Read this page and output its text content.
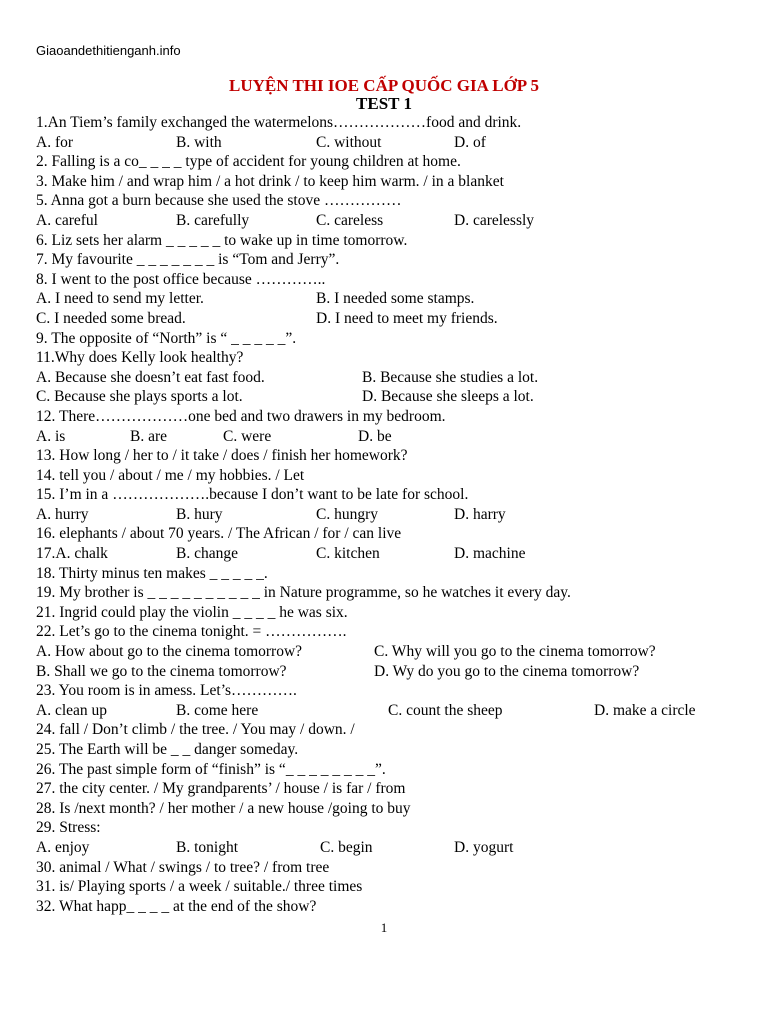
Giaoandethitienganh.info
LUYỆN THI IOE CẤP QUỐC GIA LỚP 5
TEST 1
1.An Tiem’s family exchanged the watermelons………………food and drink.
A. for	B. with	C. without	D. of
2. Falling is a co_ _ _ _ type of accident for young children at home.
3. Make him / and wrap him / a hot drink / to keep him warm. / in a blanket
5. Anna got a burn because she used the stove ……………
A. careful	B. carefully	C. careless	D. carelessly
6. Liz sets her alarm _ _ _ _ _ to wake up in time tomorrow.
7. My favourite _ _ _ _ _ _ _ is “Tom and Jerry”.
8. I went to the post office because …………..
A. I need to send my letter.	B. I needed some stamps.
C. I needed some bread.	D. I need to meet my friends.
9. The opposite of “North” is “ _ _ _ _ _”.
11.Why does Kelly look healthy?
A. Because she doesn’t eat fast food.	B. Because she studies a lot.
C. Because she plays sports a lot.	D. Because she sleeps a lot.
12. There………………one bed and two drawers in my bedroom.
A. is	B. are	C. were	D. be
13. How long / her to / it take / does / finish her homework?
14. tell you / about / me / my hobbies. / Let
15. I’m in a ……………….because I don’t want to be late for school.
A. hurry	B. hury	C. hungry	D. harry
16. elephants / about 70 years. / The African / for / can live
17.A. chalk	B. change	C. kitchen	D. machine
18. Thirty minus ten makes _ _ _ _ _.
19. My brother is _ _ _ _ _ _ _ _ _ _ in Nature programme, so he watches it every day.
21. Ingrid could play the violin _ _ _ _ he was six.
22. Let’s go to the cinema tonight. = …………….
A. How about go to the cinema tomorrow?	C. Why will you go to the cinema tomorrow?
B. Shall we go to the cinema tomorrow?	D. Wy do you go to the cinema tomorrow?
23. You room is in amess. Let’s………….
A. clean up	B. come here	C. count the sheep	D. make a circle
24. fall / Don’t climb / the tree. / You may / down. /
25. The Earth will be _ _ danger someday.
26. The past simple form of “finish” is “_ _ _ _ _ _ _ _”.
27. the city center. / My grandparents’ / house / is far / from
28. Is /next month? / her mother / a new house /going to buy
29. Stress:
A. enjoy	B. tonight	C. begin	D. yogurt
30. animal / What / swings / to tree? / from tree
31. is/ Playing sports / a week / suitable./ three times
32. What happ_ _ _ _ at the end of the show?
1
